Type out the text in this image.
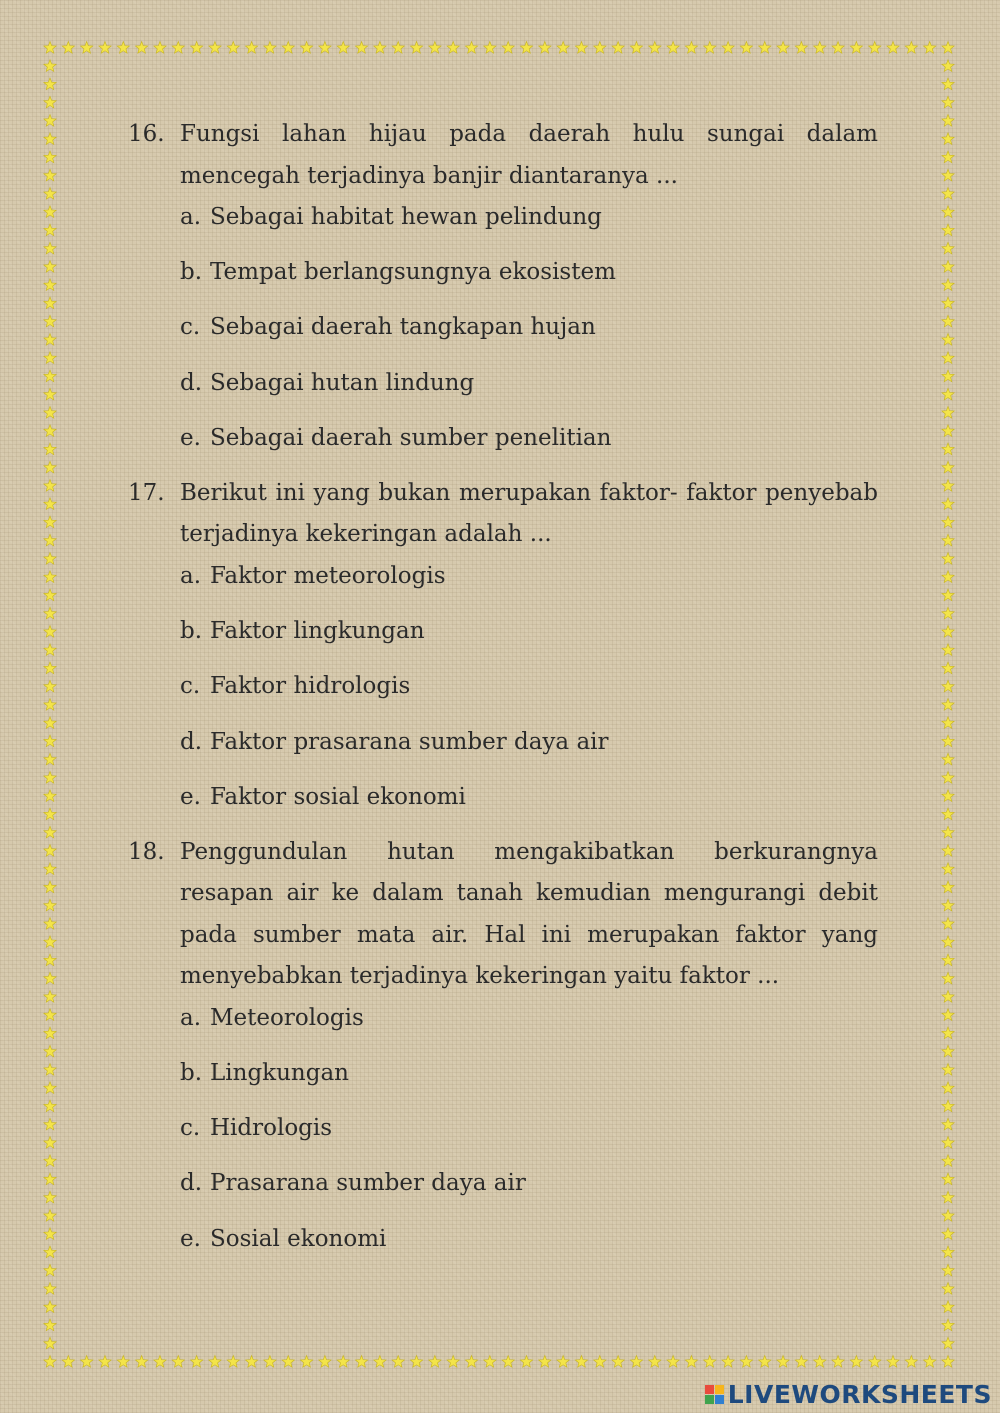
16. Fungsi lahan hijau pada daerah hulu sungai dalam mencegah terjadinya banjir diantaranya ...

a. Sebagai habitat hewan pelindung
b. Tempat berlangsungnya ekosistem
c. Sebagai daerah tangkapan hujan
d. Sebagai hutan lindung
e. Sebagai daerah sumber penelitian
17. Berikut ini yang bukan merupakan faktor- faktor penyebab terjadinya kekeringan adalah ...

a. Faktor meteorologis
b. Faktor lingkungan
c. Faktor hidrologis
d. Faktor prasarana sumber daya air
e. Faktor sosial ekonomi
18. Penggundulan hutan mengakibatkan berkurangnya resapan air ke dalam tanah kemudian mengurangi debit pada sumber mata air. Hal ini merupakan faktor yang menyebabkan terjadinya kekeringan yaitu faktor ...

a. Meteorologis
b. Lingkungan
c. Hidrologis
d. Prasarana sumber daya air
e. Sosial ekonomi
LIVEWORKSHEETS
